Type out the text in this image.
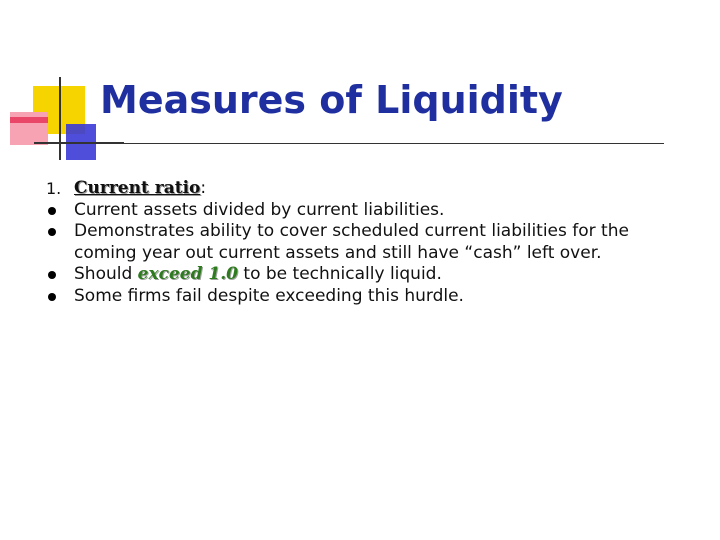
Measures of Liquidity
1. Current ratio:
Current assets divided by current liabilities.
Demonstrates ability to cover scheduled current liabilities for the
coming year out current assets and still have “cash” left over.
Should exceed 1.0 to be technically liquid.
Some firms fail despite exceeding this hurdle.
